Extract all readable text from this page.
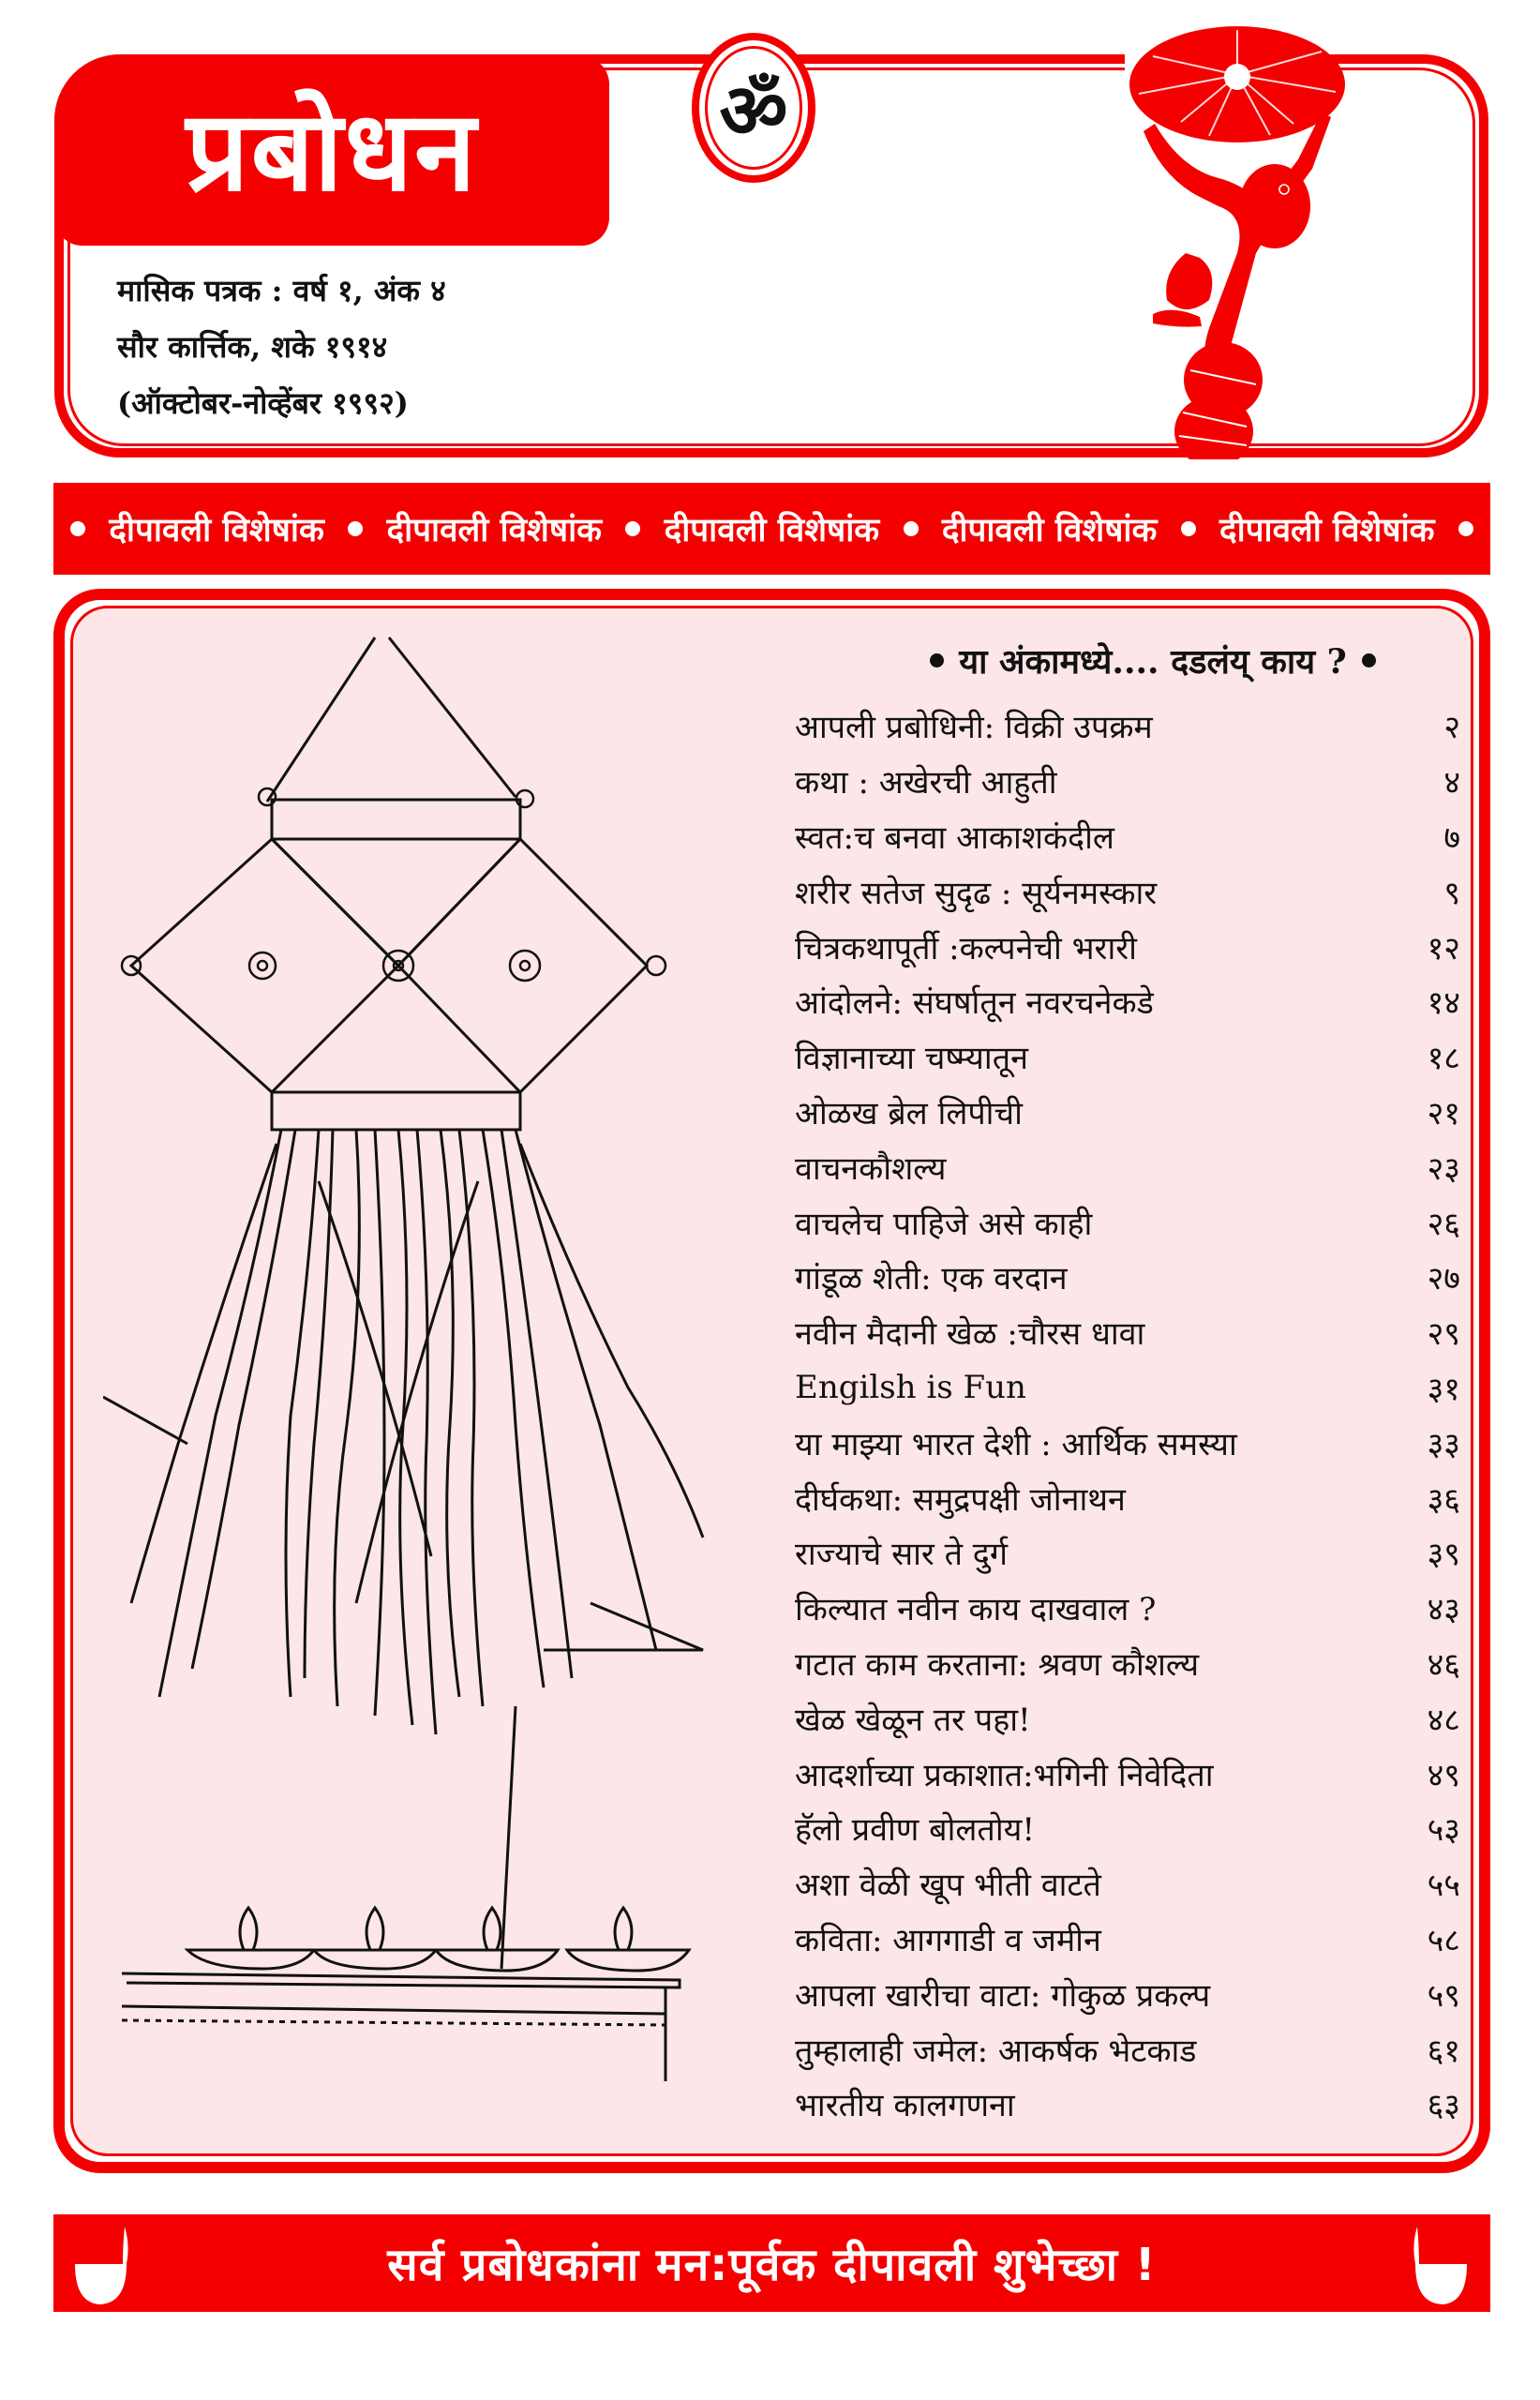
प्रबोधन
मासिक पत्रक : वर्ष १, अंक ४
सौर कार्त्तिक, शके १९१४
(ऑक्टोबर-नोव्हेंबर १९९२)
ॐ
दीपावली विशेषांक दीपावली विशेषांक दीपावली विशेषांक दीपावली विशेषांक दीपावली विशेषांक
या अंकामध्ये.... दडलंय् काय ?
आपली प्रबोधिनी: विक्री उपक्रम	२
कथा : अखेरची आहुती	४
स्वत:च बनवा आकाशकंदील	७
शरीर सतेज सुदृढ : सूर्यनमस्कार	९
चित्रकथापूर्ती :कल्पनेची भरारी	१२
आंदोलने: संघर्षातून नवरचनेकडे	१४
विज्ञानाच्या चष्म्यातून	१८
ओळख ब्रेल लिपीची	२१
वाचनकौशल्य	२३
वाचलेच पाहिजे असे काही	२६
गांडूळ शेती: एक वरदान	२७
नवीन मैदानी खेळ :चौरस धावा	२९
Engilsh is Fun	३१
या माझ्या भारत देशी : आर्थिक समस्या	३३
दीर्घकथा: समुद्रपक्षी जोनाथन	३६
राज्याचे सार ते दुर्ग	३९
किल्यात नवीन काय दाखवाल ?	४३
गटात काम करताना: श्रवण कौशल्य	४६
खेळ खेळून तर पहा!	४८
आदर्शाच्या प्रकाशात:भगिनी निवेदिता	४९
हॅलो प्रवीण बोलतोय!	५३
अशा वेळी खूप भीती वाटते	५५
कविता: आगगाडी व जमीन	५८
आपला खारीचा वाटा: गोकुळ प्रकल्प	५९
तुम्हालाही जमेल: आकर्षक भेटकाड	६१
भारतीय कालगणना	६३
सर्व प्रबोधकांना मन:पूर्वक दीपावली शुभेच्छा !
